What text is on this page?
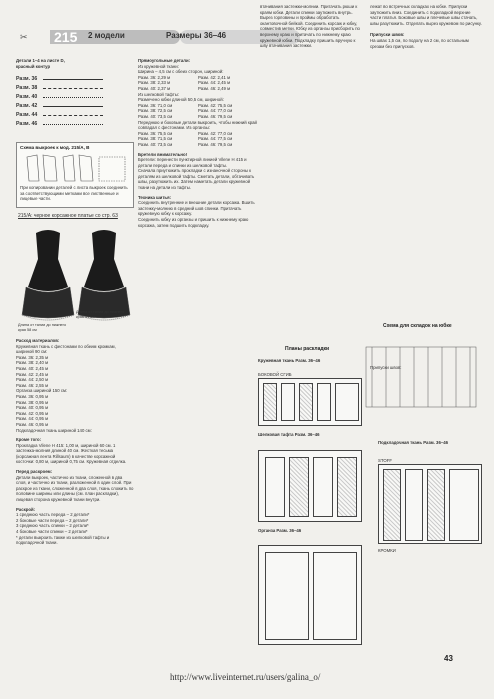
✂ 215 2 модели	Размеры 36–46
Детали 1–4 на листе D,
красный контур
Разм. 36
Разм. 38
Разм. 40
Разм. 42
Разм. 44
Разм. 46
Схема выкроек к мод. 215/А, В
При копировании деталей с листа выкроек соединить за соответствующими метками все лиственные и лицевые части.
215/А: черное корсажное платье со стр. 63
Длина от талии до нижнего края 58 см
Длина от талии до нижнего края 61 см
Расход материалов:
Кружевная ткань с фестонами по обеим кромкам, шириной 90 см:
Разм. 36: 2,35 м
Разм. 38: 2,40 м
Разм. 40: 2,45 м
Разм. 42: 2,45 м
Разм. 44: 2,50 м
Разм. 46: 2,55 м
Органза шириной 150 см:
Разм. 36: 0,95 м
Разм. 38: 0,95 м
Разм. 40: 0,95 м
Разм. 42: 0,95 м
Разм. 44: 0,95 м
Разм. 46: 0,95 м
Подкладочная ткань шириной 140 см:
Кроме того:
Прокладка Vilene H 415: 1,00 м, шириной 60 см. 1 застежка-молния длиной 40 см. Жесткая тесьма (корсажная лента Rillsaum) в качестве корсажной косточки: 0,80 м, шириной 0,75 см. Кружевная отделка.
Перед раскроем:
Детали выкроек, частично из ткани, сложенной в два слоя, и частично из ткани, разложенной в один слой. При раскрое из ткани, сложенной в два слоя, ткань сложить по половине ширины или длины (см. план раскладки), лицевая сторона кружевной ткани внутри.
Раскрой:
1 среднюю часть переда – 2 детали*
2 боковые части переда – 2 детали*
3 среднюю часть спинки – 2 детали*
4 боковые части спинки – 2 детали*
* детали выкроить также из шелковой тафты и подкладочной ткани.
Прямоугольные детали:
Из кружевной ткани:
Ширина – 4,5 см с обеих сторон, шириной:
Разм. 36: 2,29 м	Разм. 42: 2,41 м
Разм. 38: 2,33 м	Разм. 44: 2,45 м
Разм. 40: 2,37 м	Разм. 46: 2,49 м
Из шелковой тафты:
Размечено юбки длиной 50,5 см, шириной:
Разм. 36: 71,0 см	Разм. 42: 75,5 см
Разм. 38: 72,5 см	Разм. 44: 77,0 см
Разм. 40: 73,5 см	Разм. 46: 79,5 см
Переднюю и боковые детали выкроить, чтобы нижний край совпадал с фестонами. Из органзы:
Разм. 36: 75,5 см	Разм. 42: 77,0 см
Разм. 38: 71,5 см	Разм. 44: 77,5 см
Разм. 40: 73,5 см	Разм. 46: 79,5 см
Бретели внимательно!
Бретели: перенести пунктирной линией Vilene H 415 и детали переда и спинки из шелковой тафты.
Сначала приутюжить прокладки с изнаночной стороны к деталям из шелковой тафты. Сметать детали, обтачивать швы, разутюжить их. Затем наметать детали кружевной ткани на детали из тафты.
Техника шитья:
Соединить внутренние и внешние детали корсажа. Вшить застежку-молнию в средний шов спинки. Притачать кружевную юбку к корсажу.
Соединить юбку из органзы и пришить к нижнему краю корсажа, затем подшить подкладку.
втачивания застежки-молнии. Притачать рюши к краям юбки. Детали спинки заутюжить внутрь. Вырез горловины и проймы обработать окантовочной бейкой. Соединить корсаж и юбку, совместив метки. Юбку из органзы присборить по верхнему краю и притачать по нижнему краю кружевной юбки. Подкладку пришить вручную к шву втачивания застежки.
лежат во встречных складках на юбке. Припуски заутюжить вниз. Соединить с подкладкой верхние части платья. Боковые швы и плечевые швы стачать, швы разутюжить. Отделать вырез кружевом по рисунку.
Припуски швов:
На швах 1,5 см, по подолу на 2 см, по остальным срезам без припусков.
Планы раскладки
Схема для складок на юбке
Кружевная ткань Разм. 36–46
БОКОВОЙ СГИБ
Припуски швов:
Шелковая тафта Разм. 36–46
Органза Разм. 36–46
Подкладочная ткань Разм. 36–46
STOFF
КРОМКИ
43
http://www.liveinternet.ru/users/galina_o/
